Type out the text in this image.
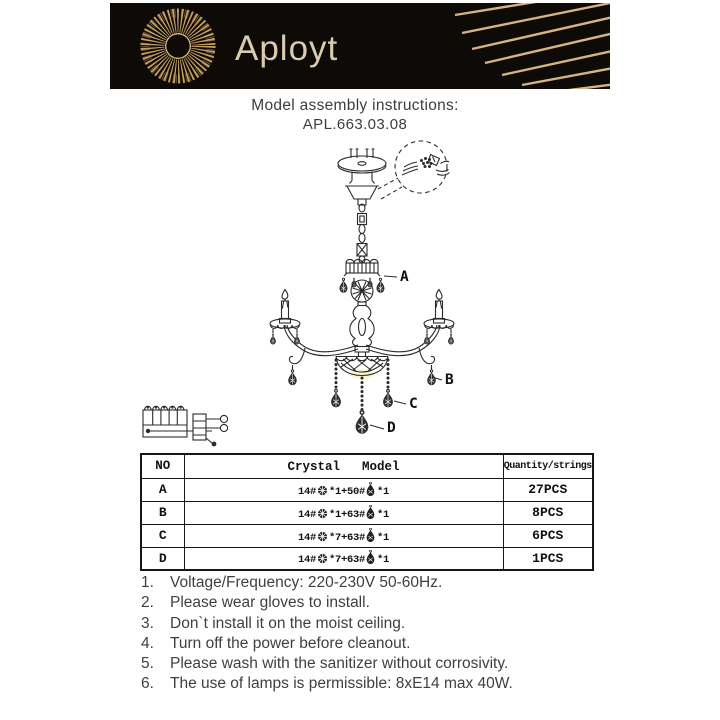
Aployt
Model assembly instructions:
APL.663.03.08
A
B
C
D
NO	Crystal Model	Quantity/strings
A	14# *1+50# *1	27PCS
B	14# *1+63# *1	8PCS
C	14# *7+63# *1	6PCS
D	14# *7+63# *1	1PCS
1.	Voltage/Frequency: 220-230V 50-60Hz.
2.	Please wear gloves to install.
3.	Don`t install it on the moist ceiling.
4.	Turn off the power before cleanout.
5.	Please wash with the sanitizer without corrosivity.
6.	The use of lamps is permissible: 8xE14 max 40W.
